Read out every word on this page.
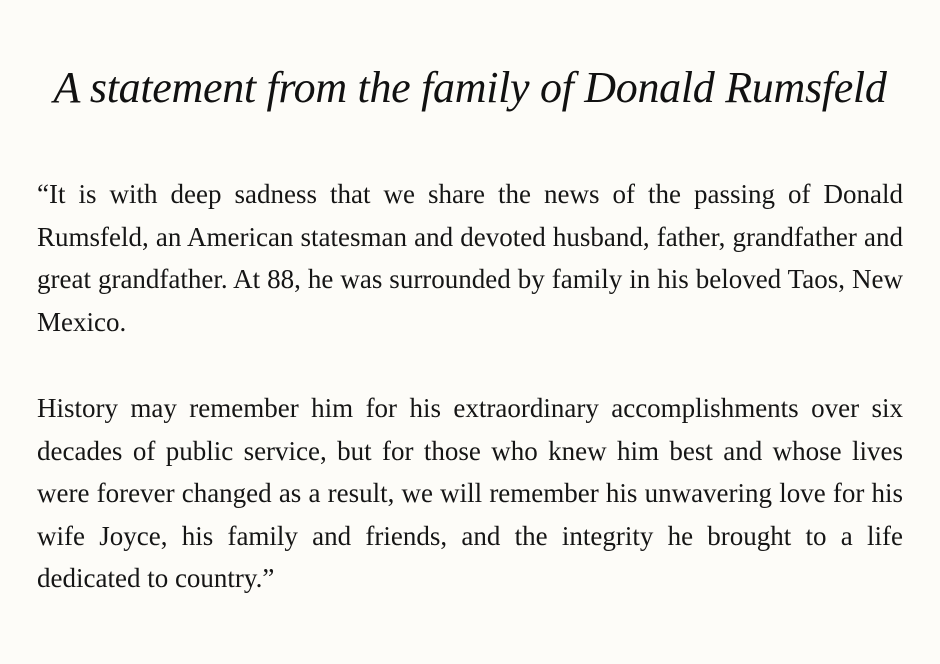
A statement from the family of Donald Rumsfeld

“It is with deep sadness that we share the news of the passing of Donald Rumsfeld, an American statesman and devoted husband, father, grandfather and great grandfather. At 88, he was surrounded by family in his beloved Taos, New Mexico.

History may remember him for his extraordinary accomplishments over six decades of public service, but for those who knew him best and whose lives were forever changed as a result, we will remember his unwavering love for his wife Joyce, his family and friends, and the integrity he brought to a life dedicated to country.”
